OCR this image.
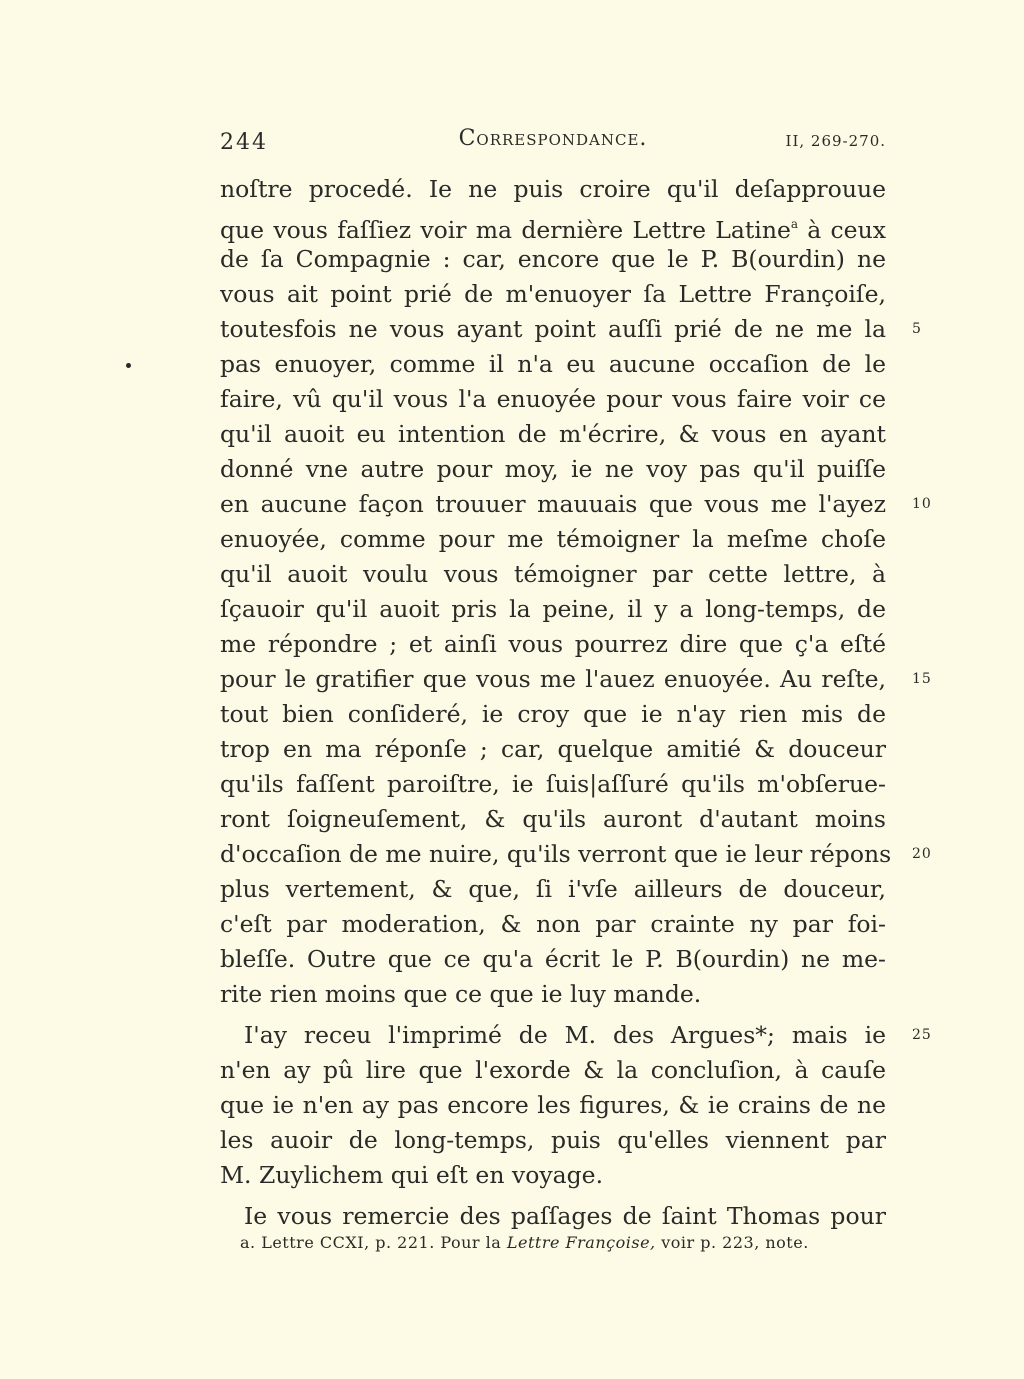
244	Correspondance.	II, 269-270.
noſtre procedé. Ie ne puis croire qu'il deſapprouue
que vous faſſiez voir ma dernière Lettre Latine$^a$ à ceux
de ſa Compagnie : car, encore que le P. B(ourdin) ne
vous ait point prié de m'enuoyer ſa Lettre Françoiſe,
toutesfois ne vous ayant point auſſi prié de ne me la 5
pas enuoyer, comme il n'a eu aucune occaſion de le
faire, vû qu'il vous l'a enuoyée pour vous faire voir ce
qu'il auoit eu intention de m'écrire, & vous en ayant
donné vne autre pour moy, ie ne voy pas qu'il puiſſe
en aucune façon trouuer mauuais que vous me l'ayez 10
enuoyée, comme pour me témoigner la meſme choſe
qu'il auoit voulu vous témoigner par cette lettre, à
ſçauoir qu'il auoit pris la peine, il y a long-temps, de
me répondre ; et ainſi vous pourrez dire que ç'a eſté
pour le gratifier que vous me l'auez enuoyée. Au reſte, 15
tout bien conſideré, ie croy que ie n'ay rien mis de
trop en ma réponſe ; car, quelque amitié & douceur
qu'ils faſſent paroiſtre, ie ſuis|aſſuré qu'ils m'obſerue-
ront ſoigneuſement, & qu'ils auront d'autant moins
d'occaſion de me nuire, qu'ils verront que ie leur répons 20
plus vertement, & que, ſi i'vſe ailleurs de douceur,
c'eſt par moderation, & non par crainte ny par foi-
bleſſe. Outre que ce qu'a écrit le P. B(ourdin) ne me-
rite rien moins que ce que ie luy mande.
I'ay receu l'imprimé de M. des Argues*; mais ie 25
n'en ay pû lire que l'exorde & la concluſion, à cauſe
que ie n'en ay pas encore les figures, & ie crains de ne
les auoir de long-temps, puis qu'elles viennent par
M. Zuylichem qui eſt en voyage.
Ie vous remercie des paſſages de ſaint Thomas pour
a. Lettre CCXI, p. 221. Pour la Lettre Françoise, voir p. 223, note.
